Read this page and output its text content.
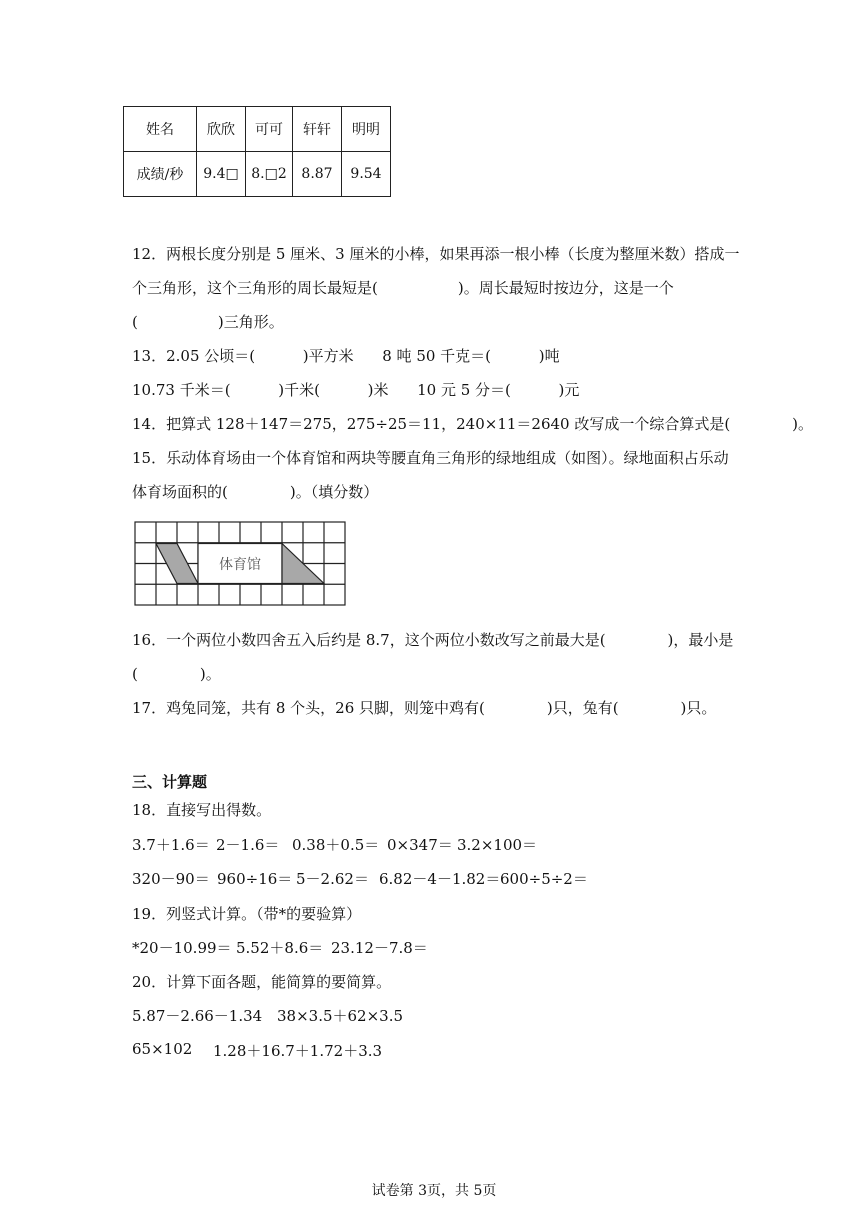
姓名	欣欣	可可	轩轩	明明
成绩/秒	9.4□	8.□2	8.87	9.54
12．两根长度分别是 5 厘米、3 厘米的小棒，如果再添一根小棒（长度为整厘米数）搭成一
个三角形，这个三角形的周长最短是(	)。周长最短时按边分，这是一个
(	)三角形。
13．2.05 公顷＝(          )平方米      8 吨 50 千克＝(          )吨
10.73 千米＝(          )千米(          )米      10 元 5 分＝(          )元
14．把算式 128＋147＝275，275÷25＝11，240×11＝2640 改写成一个综合算式是(             )。
15．乐动体育场由一个体育馆和两块等腰直角三角形的绿地组成（如图）。绿地面积占乐动
体育场面积的(             )。（填分数）
体育馆
16．一个两位小数四舍五入后约是 8.7，这个两位小数改写之前最大是(             )，最小是
(             )。
17．鸡兔同笼，共有 8 个头，26 只脚，则笼中鸡有(             )只，兔有(             )只。
三、计算题
18．直接写出得数。
3.7＋1.6＝ 2－1.6＝ 0.38＋0.5＝ 0×347＝ 3.2×100＝
320－90＝ 960÷16＝ 5－2.62＝ 6.82－4－1.82＝ 600÷5÷2＝
19．列竖式计算。（带*的要验算）
*20－10.99＝ 5.52＋8.6＝ 23.12－7.8＝
20．计算下面各题，能简算的要简算。
5.87－2.66－1.34 38×3.5＋62×3.5
65×102 1.28＋16.7＋1.72＋3.3
试卷第 3页，共 5页
